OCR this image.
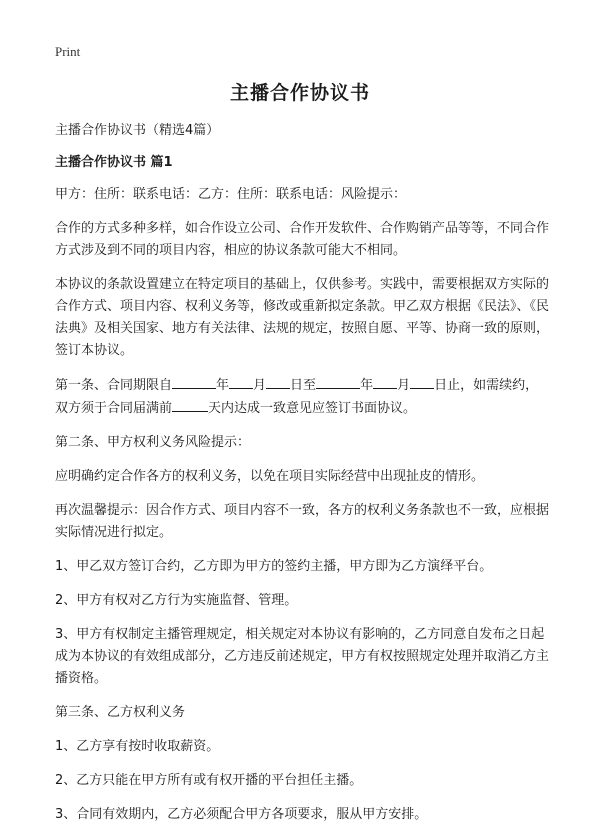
Print
主播合作协议书

主播合作协议书（精选4篇）

主播合作协议书 篇1

甲方：住所：联系电话：乙方：住所：联系电话：风险提示：

合作的方式多种多样，如合作设立公司、合作开发软件、合作购销产品等等，不同合作方式涉及到不同的项目内容，相应的协议条款可能大不相同。

本协议的条款设置建立在特定项目的基础上，仅供参考。实践中，需要根据双方实际的合作方式、项目内容、权利义务等，修改或重新拟定条款。甲乙双方根据《民法》、《民法典》及相关国家、地方有关法律、法规的规定，按照自愿、平等、协商一致的原则，签订本协议。

第一条、合同期限自	年 月 日至	年 月 日止，如需续约，双方须于合同届满前	天内达成一致意见应签订书面协议。

第二条、甲方权利义务风险提示：

应明确约定合作各方的权利义务，以免在项目实际经营中出现扯皮的情形。

再次温馨提示：因合作方式、项目内容不一致，各方的权利义务条款也不一致，应根据实际情况进行拟定。

1、甲乙双方签订合约，乙方即为甲方的签约主播，甲方即为乙方演绎平台。

2、甲方有权对乙方行为实施监督、管理。

3、甲方有权制定主播管理规定，相关规定对本协议有影响的，乙方同意自发布之日起成为本协议的有效组成部分，乙方违反前述规定，甲方有权按照规定处理并取消乙方主播资格。

第三条、乙方权利义务

1、乙方享有按时收取薪资。

2、乙方只能在甲方所有或有权开播的平台担任主播。

3、合同有效期内，乙方必须配合甲方各项要求，服从甲方安排。
